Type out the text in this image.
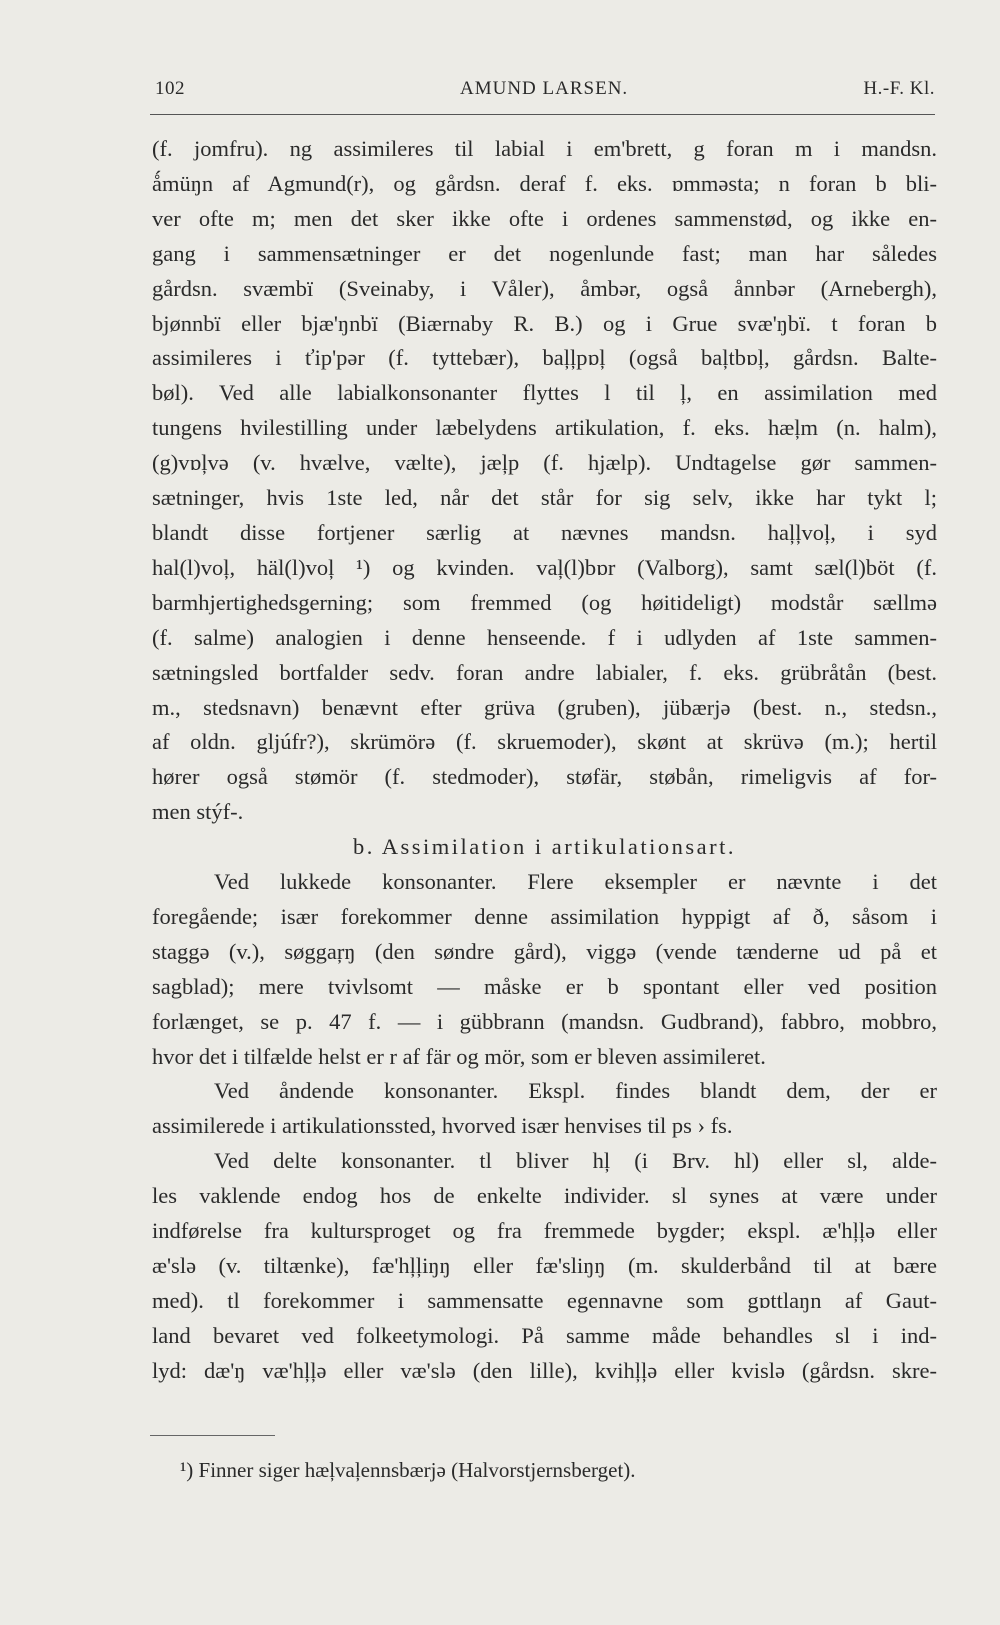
102	AMUND LARSEN.	H.-F. Kl.

(f. jomfru). ng assimileres til labial i em'brett, g foran m i mandsn.
ǻmüŋn af Agmund(r), og gårdsn. deraf f. eks. ɒmməsta; n foran b bli-
ver ofte m; men det sker ikke ofte i ordenes sammenstød, og ikke en-
gang i sammensætninger er det nogenlunde fast; man har således
gårdsn. svæmbï (Sveinaby, i Våler), åmbər, også ånnbər (Arnebergh),
bjønnbï eller bjæ'ŋnbï (Biærnaby R. B.) og i Grue svæ'ŋbï. t foran b
assimileres i ťip'pər (f. tyttebær), baļļpɒļ (også baļtbɒļ, gårdsn. Balte-
bøl). Ved alle labialkonsonanter flyttes l til ļ, en assimilation med
tungens hvilestilling under læbelydens artikulation, f. eks. hæļm (n. halm),
(g)vɒļvə (v. hvælve, vælte), jæļp (f. hjælp). Undtagelse gør sammen-
sætninger, hvis 1ste led, når det står for sig selv, ikke har tykt l;
blandt disse fortjener særlig at nævnes mandsn. haļļvoļ, i syd
hal(l)voļ, häl(l)voļ ¹) og kvinden. vaļ(l)bɒr (Valborg), samt sæl(l)böt (f.
barmhjertighedsgerning; som fremmed (og høitideligt) modstår sællmə
(f. salme) analogien i denne henseende. f i udlyden af 1ste sammen-
sætningsled bortfalder sedv. foran andre labialer, f. eks. grübråtån (best.
m., stedsnavn) benævnt efter grüva (gruben), jübærjə (best. n., stedsn.,
af oldn. gljúfr?), skrümörə (f. skruemoder), skønt at skrüvə (m.); hertil
hører også stømör (f. stedmoder), støfär, støbån, rimeligvis af for-
men stýf-.

b. Assimilation i artikulationsart.

Ved lukkede konsonanter. Flere eksempler er nævnte i det
foregående; især forekommer denne assimilation hyppigt af ð, såsom i
staggə (v.), søggaŗŋ (den søndre gård), viggə (vende tænderne ud på et
sagblad); mere tvivlsomt — måske er b spontant eller ved position
forlænget, se p. 47 f. — i gübbrann (mandsn. Gudbrand), fabbro, mobbro,
hvor det i tilfælde helst er r af fär og mör, som er bleven assimileret.

Ved åndende konsonanter. Ekspl. findes blandt dem, der er
assimilerede i artikulationssted, hvorved især henvises til ps › fs.

Ved delte konsonanter. tl bliver hļ (i Brv. hl) eller sl, alde-
les vaklende endog hos de enkelte individer. sl synes at være under
indførelse fra kultursproget og fra fremmede bygder; ekspl. æ'hļļə eller
æ'slə (v. tiltænke), fæ'hļļiŋŋ eller fæ'sliŋŋ (m. skulderbånd til at bære
med). tl forekommer i sammensatte egennavne som gɒttlaŋn af Gaut-
land bevaret ved folkeetymologi. På samme måde behandles sl i ind-
lyd: dæ'ŋ væ'hļļə eller væ'slə (den lille), kvihļļə eller kvislə (gårdsn. skre-

¹) Finner siger hæļvaļennsbærjə (Halvorstjernsberget).
